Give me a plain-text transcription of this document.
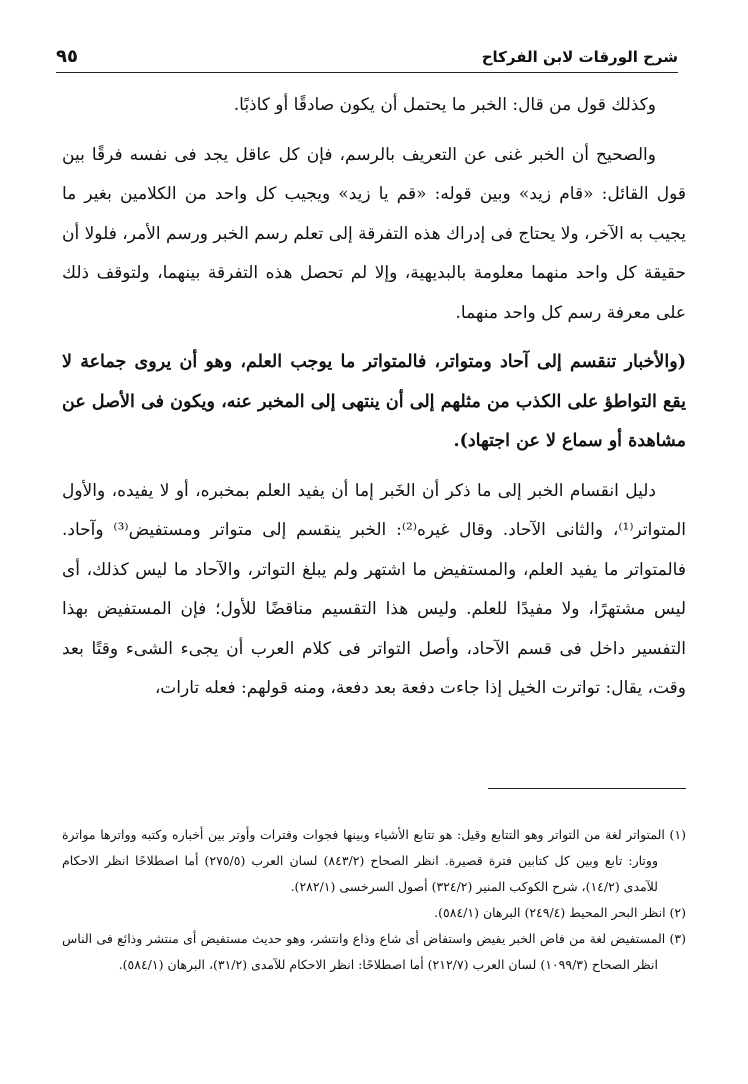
٩٥	شرح الورقات لابن الفركاح

وكذلك قول من قال: الخبر ما يحتمل أن يكون صادقًا أو كاذبًا.

والصحيح أن الخبر غنى عن التعريف بالرسم، فإن كل عاقل يجد فى نفسه فرقًا بين قول القائل: «قام زيد» وبين قوله: «قم يا زيد» ويجيب كل واحد من الكلامين بغير ما يجيب به الآخر، ولا يحتاج فى إدراك هذه التفرقة إلى تعلم رسم الخبر ورسم الأمر، فلولا أن حقيقة كل واحد منهما معلومة بالبديهية، وإلا لم تحصل هذه التفرقة بينهما، ولتوقف ذلك على معرفة رسم كل واحد منهما.

(والأخبار تنقسم إلى آحاد ومتواتر، فالمتواتر ما يوجب العلم، وهو أن يروى جماعة لا يقع التواطؤ على الكذب من مثلهم إلى أن ينتهى إلى المخبر عنه، ويكون فى الأصل عن مشاهدة أو سماع لا عن اجتهاد).

دليل انقسام الخبر إلى ما ذكر أن الخَبر إما أن يفيد العلم بمخبره، أو لا يفيده، والأول المتواتر⁽¹⁾، والثانى الآحاد. وقال غيره⁽²⁾: الخبر ينقسم إلى متواتر ومستفيض⁽³⁾ وآحاد. فالمتواتر ما يفيد العلم، والمستفيض ما اشتهر ولم يبلغ التواتر، والآحاد ما ليس كذلك، أى ليس مشتهرًا، ولا مفيدًا للعلم. وليس هذا التقسيم مناقضًا للأول؛ فإن المستفيض بهذا التفسير داخل فى قسم الآحاد، وأصل التواتر فى كلام العرب أن يجىء الشىء وقتًا بعد وقت، يقال: تواترت الخيل إذا جاءت دفعة بعد دفعة، ومنه قولهم: فعله تارات،

(١) المتواتر لغة من التواتر وهو التتابع وقيل: هو تتابع الأشياء وبينها فجوات وفترات وأوتر بين أخباره وكتبه وواترها مواترة ووتار: تابع وبين كل كتابين فترة قصيرة. انظر الصحاح (٨٤٣/٢) لسان العرب (٢٧٥/٥) أما اصطلاحًا انظر الاحكام للآمدى (١٤/٢)، شرح الكوكب المنير (٣٢٤/٢) أصول السرخسى (٢٨٢/١).

(٢) انظر البحر المحيط (٢٤٩/٤) البرهان (٥٨٤/١).

(٣) المستفيض لغة من فاض الخبر يفيض واستفاض أى شاع وذاع وانتشر، وهو حديث مستفيض أى منتشر وذائع فى الناس انظر الصحاح (١٠٩٩/٣) لسان العرب (٢١٢/٧) أما اصطلاحًا: انظر الاحكام للآمدى (٣١/٢)، البرهان (٥٨٤/١).
